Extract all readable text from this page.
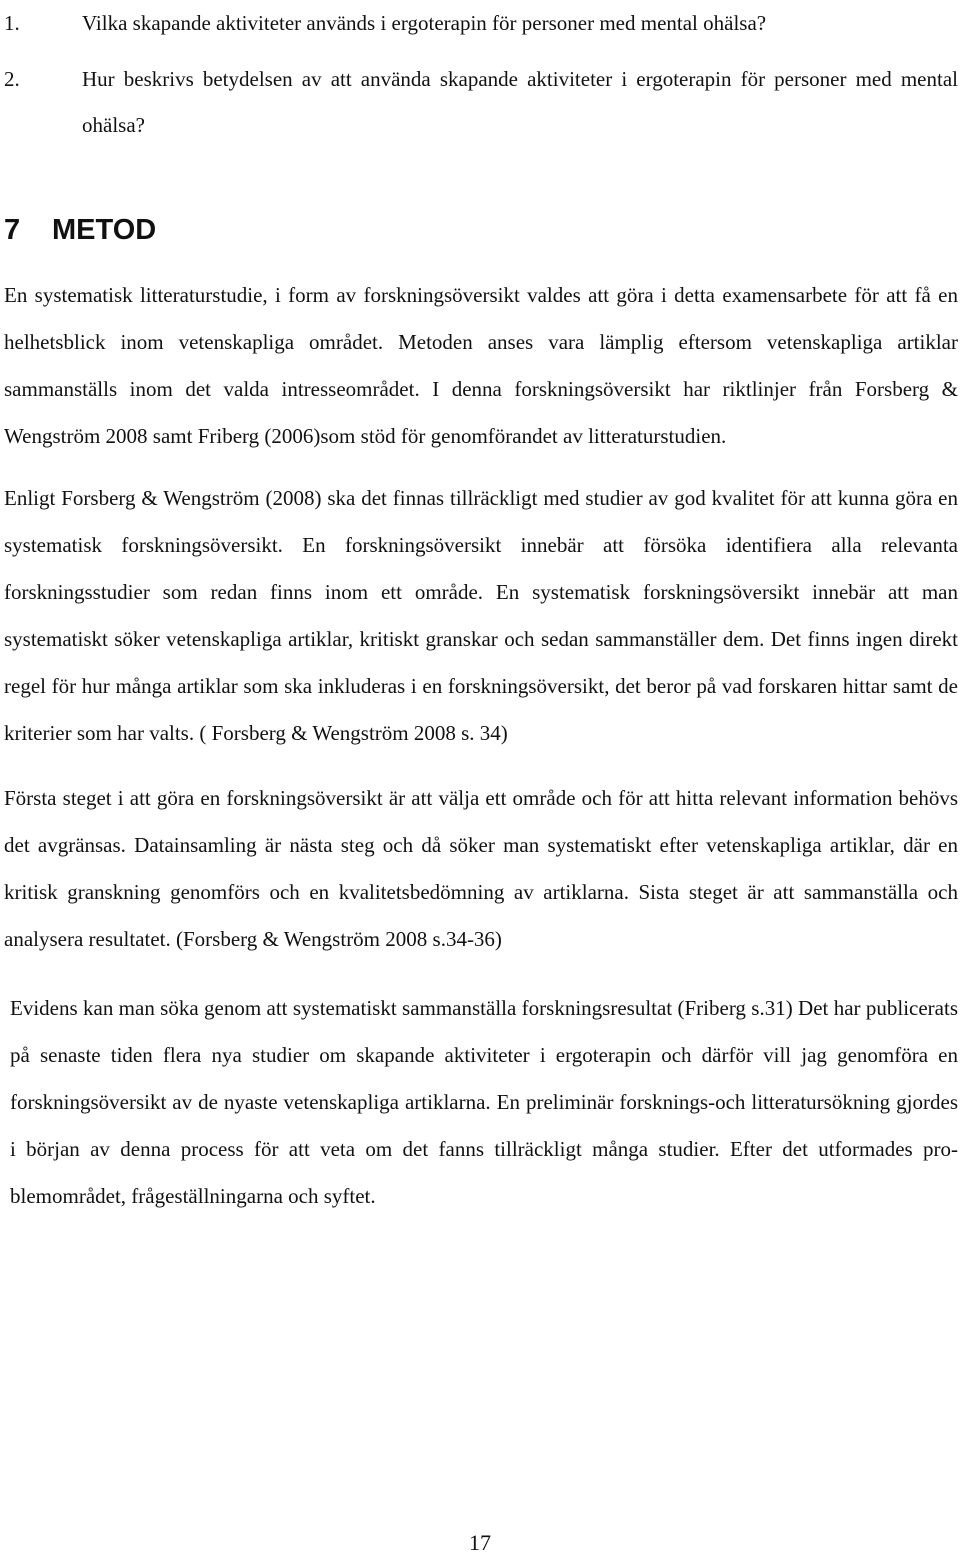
1.	Vilka skapande aktiviteter används i ergoterapin för personer med mental ohälsa?
2.	Hur beskrivs betydelsen av att använda skapande aktiviteter i ergoterapin för personer med mental ohälsa?
7	METOD

En systematisk litteraturstudie, i form av forskningsöversikt valdes att göra i detta examensarbete för att få en helhetsblick inom vetenskapliga området. Metoden anses vara lämplig eftersom vetenskapliga artiklar sammanställs inom det valda intresseområdet. I denna forskningsöversikt har riktlinjer från Forsberg & Wengström 2008 samt Friberg (2006)som stöd för genomförandet av litteraturstudien.

Enligt Forsberg & Wengström (2008) ska det finnas tillräckligt med studier av god kvalitet för att kunna göra en systematisk forskningsöversikt. En forskningsöversikt innebär att försöka identifiera alla relevanta forskningsstudier som redan finns inom ett område. En systematisk forskningsöversikt innebär att man systematiskt söker vetenskapliga artiklar, kritiskt granskar och sedan sammanställer dem. Det finns ingen direkt regel för hur många artiklar som ska inkluderas i en forskningsöversikt, det beror på vad forskaren hittar samt de kriterier som har valts. ( Forsberg & Wengström 2008 s. 34)

Första steget i att göra en forskningsöversikt är att välja ett område och för att hitta relevant information behövs det avgränsas. Datainsamling är nästa steg och då söker man systematiskt efter vetenskapliga artiklar, där en kritisk granskning genomförs och en kvalitetsbedömning av artiklarna. Sista steget är att sammanställa och analysera resultatet. (Forsberg & Wengström 2008 s.34-36)

Evidens kan man söka genom att systematiskt sammanställa forskningsresultat (Friberg s.31) Det har publicerats på senaste tiden flera nya studier om skapande aktiviteter i ergoterapin och därför vill jag genomföra en forskningsöversikt av de nyaste vetenskapliga artiklarna. En preliminär forsknings-och litteratursökning gjordes i början av denna process för att veta om det fanns tillräckligt många studier. Efter det utformades problemområdet, frågeställningarna och syftet.

17
